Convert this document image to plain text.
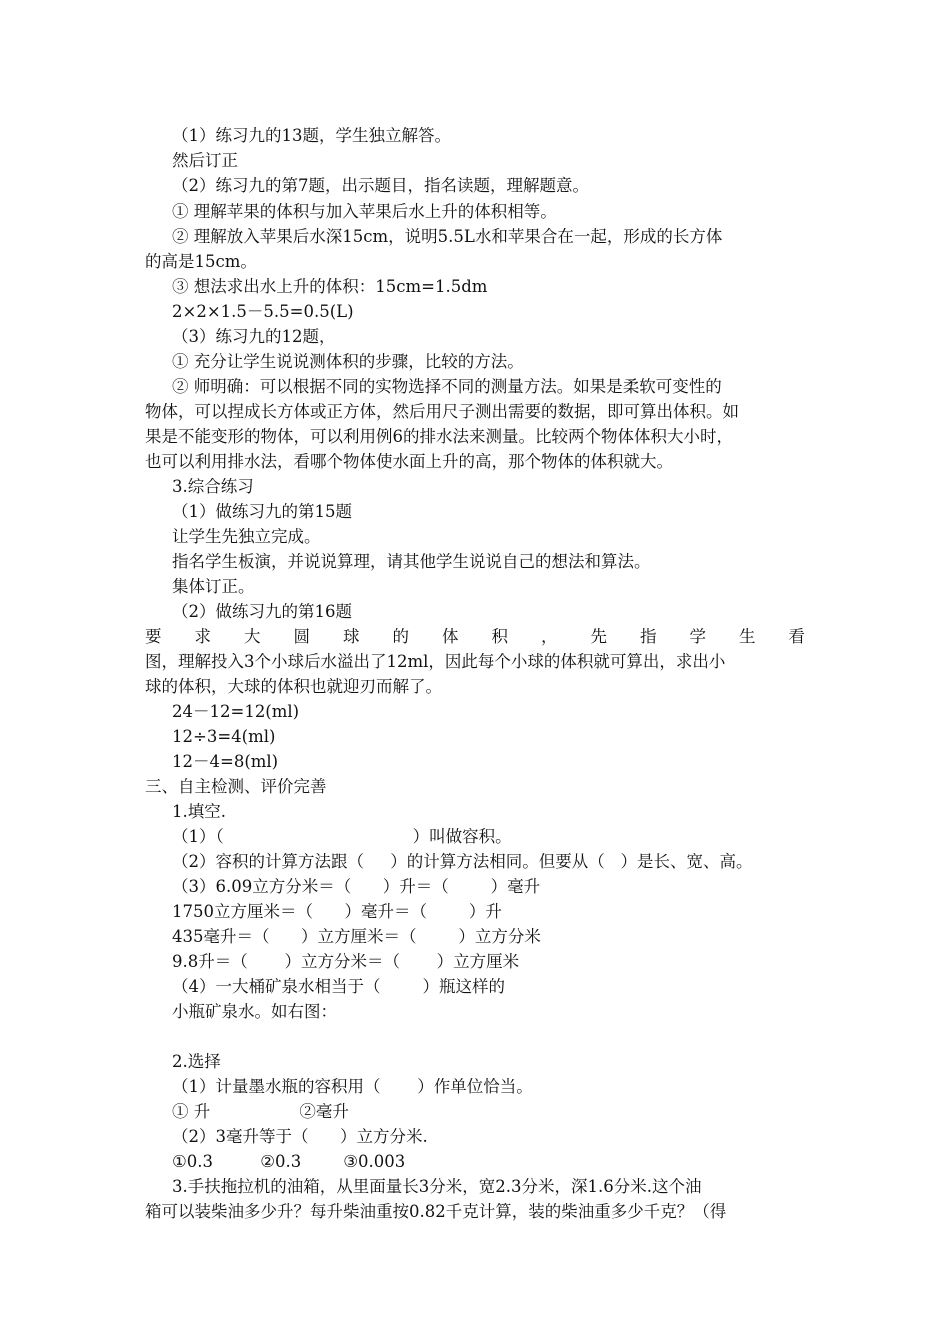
（1）练习九的13题，学生独立解答。
然后订正
（2）练习九的第7题，出示题目，指名读题，理解题意。
① 理解苹果的体积与加入苹果后水上升的体积相等。
② 理解放入苹果后水深15cm，说明5.5L水和苹果合在一起，形成的长方体
的高是15cm。
③ 想法求出水上升的体积：15cm=1.5dm
2×2×1.5－5.5=0.5(L)
（3）练习九的12题，
① 充分让学生说说测体积的步骤，比较的方法。
② 师明确：可以根据不同的实物选择不同的测量方法。如果是柔软可变性的
物体，可以捏成长方体或正方体，然后用尺子测出需要的数据，即可算出体积。如
果是不能变形的物体，可以利用例6的排水法来测量。比较两个物体体积大小时，
也可以利用排水法，看哪个物体使水面上升的高，那个物体的体积就大。
3.综合练习
（1）做练习九的第15题
让学生先独立完成。
指名学生板演，并说说算理，请其他学生说说自己的想法和算法。
集体订正。
（2）做练习九的第16题
要 求 大 圆 球 的 体 积 ， 先 指 学 生 看
图，理解投入3个小球后水溢出了12ml，因此每个小球的体积就可算出，求出小
球的体积，大球的体积也就迎刃而解了。
24－12=12(ml)
12÷3=4(ml)
12－4=8(ml)
三、自主检测、评价完善
1.填空.
（1）（                                    ）叫做容积。
（2）容积的计算方法跟（     ）的计算方法相同。但要从（   ）是长、宽、高。
（3）6.09立方分米＝（      ）升＝（        ）毫升
1750立方厘米＝（      ）毫升＝（        ）升
435毫升＝（      ）立方厘米＝（        ）立方分米
9.8升＝（       ）立方分米＝（       ）立方厘米
（4）一大桶矿泉水相当于（        ）瓶这样的
小瓶矿泉水。如右图：
2.选择
（1）计量墨水瓶的容积用（       ）作单位恰当。
① 升                 ②毫升
（2）3毫升等于（      ）立方分米.
①0.3         ②0.3        ③0.003
3.手扶拖拉机的油箱，从里面量长3分米，宽2.3分米，深1.6分米.这个油
箱可以装柴油多少升？每升柴油重按0.82千克计算，装的柴油重多少千克？（得
